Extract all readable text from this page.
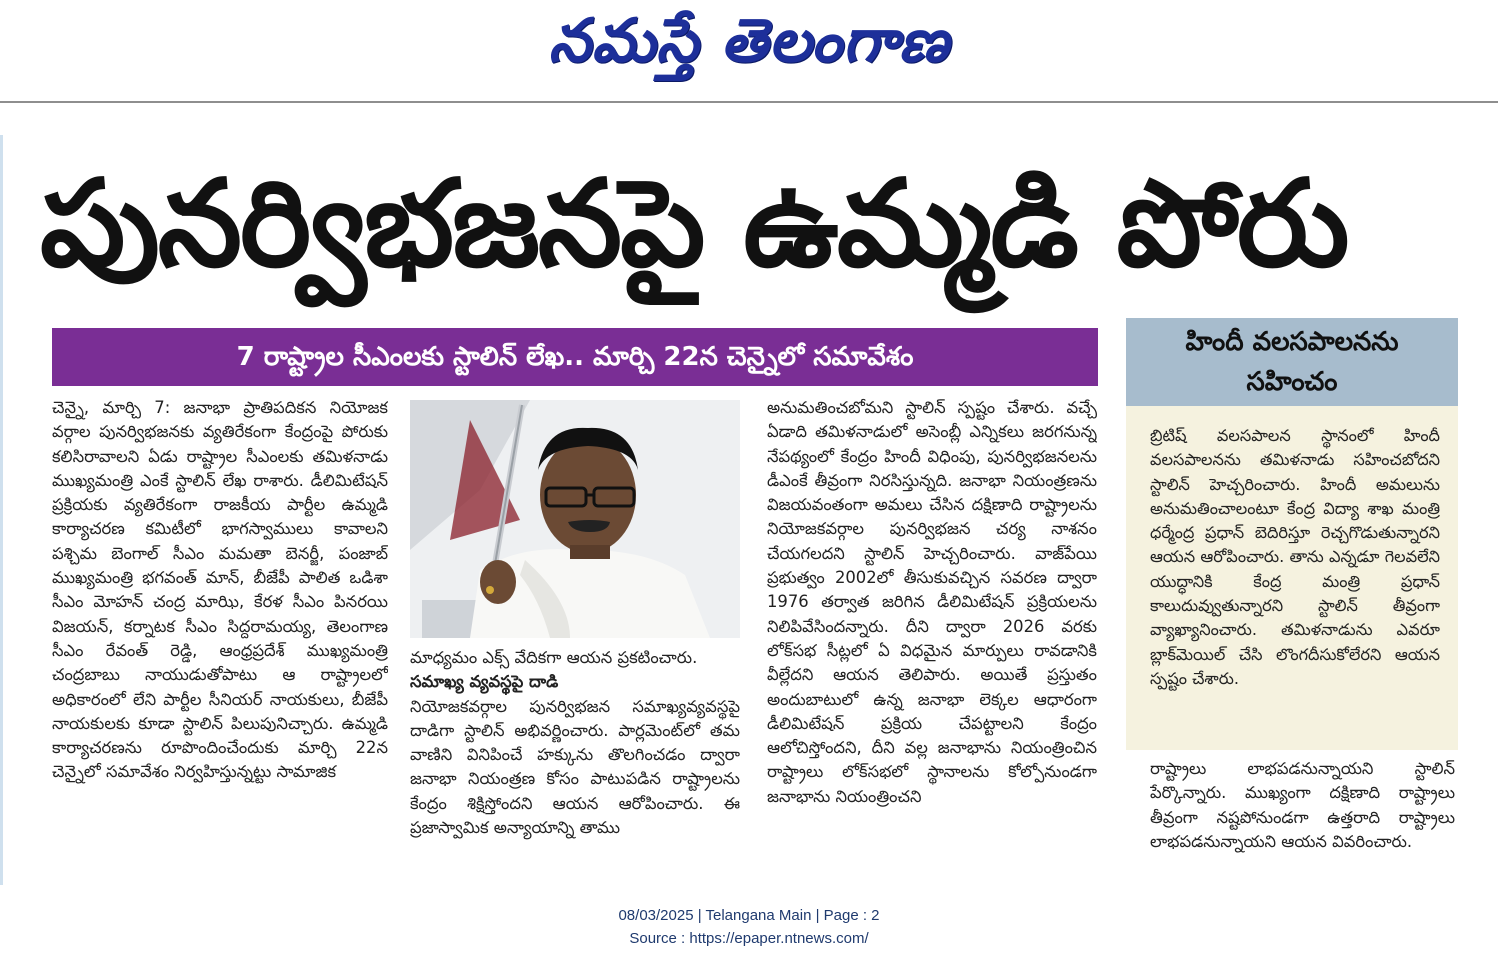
నమస్తే తెలంగాణ
పునర్విభజనపై ఉమ్మడి పోరు
7 రాష్ట్రాల సీఎంలకు స్టాలిన్ లేఖ.. మార్చి 22న చెన్నైలో సమావేశం

చెన్నై, మార్చి 7: జనాభా ప్రాతిపదికన నియోజక వర్గాల పునర్విభజనకు వ్యతిరేకంగా కేంద్రంపై పోరుకు కలిసిరావాలని ఏడు రాష్ట్రాల సీఎంలకు తమిళనాడు ముఖ్యమంత్రి ఎంకే స్టాలిన్ లేఖ రాశారు. డీలిమిటేషన్ ప్రక్రియకు వ్యతిరేకంగా రాజకీయ పార్టీల ఉమ్మడి కార్యాచరణ కమిటీలో భాగస్వాములు కావాలని పశ్చిమ బెంగాల్ సీఎం మమతా బెనర్జీ, పంజాబ్ ముఖ్యమంత్రి భగవంత్ మాన్, బీజేపీ పాలిత ఒడిశా సీఎం మోహన్ చంద్ర మాఝి, కేరళ సీఎం పినరయి విజయన్, కర్నాటక సీఎం సిద్దరామయ్య, తెలంగాణ సీఎం రేవంత్ రెడ్డి, ఆంధ్రప్రదేశ్ ముఖ్యమంత్రి చంద్రబాబు నాయుడుతోపాటు ఆ రాష్ట్రాలలో అధికారంలో లేని పార్టీల సీనియర్ నాయకులు, బీజేపీ నాయకులకు కూడా స్టాలిన్ పిలుపునిచ్చారు. ఉమ్మడి కార్యాచరణను రూపొందించేందుకు మార్చి 22న చెన్నైలో సమావేశం నిర్వహిస్తున్నట్టు సామాజిక

మాధ్యమం ఎక్స్ వేదికగా ఆయన ప్రకటించారు.

సమాఖ్య వ్యవస్థపై దాడి

నియోజకవర్గాల పునర్విభజన సమాఖ్యవ్యవస్థపై దాడిగా స్టాలిన్ అభివర్ణించారు. పార్లమెంట్‌లో తమ వాణిని వినిపించే హక్కును తొలగించడం ద్వారా జనాభా నియంత్రణ కోసం పాటుపడిన రాష్ట్రాలను కేంద్రం శిక్షిస్తోందని ఆయన ఆరోపించారు. ఈ ప్రజాస్వామిక అన్యాయాన్ని తాము

అనుమతించబోమని స్టాలిన్ స్పష్టం చేశారు. వచ్చే ఏడాది తమిళనాడులో అసెంబ్లీ ఎన్నికలు జరగనున్న నేపథ్యంలో కేంద్రం హిందీ విధింపు, పునర్విభజనలను డీఎంకే తీవ్రంగా నిరసిస్తున్నది. జనాభా నియంత్రణను విజయవంతంగా అమలు చేసిన దక్షిణాది రాష్ట్రాలను నియోజకవర్గాల పునర్విభజన చర్య నాశనం చేయగలదని స్టాలిన్ హెచ్చరించారు. వాజ్‌పేయి ప్రభుత్వం 2002లో తీసుకువచ్చిన సవరణ ద్వారా 1976 తర్వాత జరిగిన డీలిమిటేషన్ ప్రక్రియలను నిలిపివేసిందన్నారు. దీని ద్వారా 2026 వరకు లోక్‌సభ సీట్లలో ఏ విధమైన మార్పులు రావడానికి వీల్లేదని ఆయన తెలిపారు. అయితే ప్రస్తుతం అందుబాటులో ఉన్న జనాభా లెక్కల ఆధారంగా డీలిమిటేషన్ ప్రక్రియ చేపట్టాలని కేంద్రం ఆలోచిస్తోందని, దీని వల్ల జనాభాను నియంత్రించిన రాష్ట్రాలు లోక్‌సభలో స్థానాలను కోల్పోనుండగా జనాభాను నియంత్రించని

హిందీ వలసపాలనను
సహించం
బ్రిటిష్ వలసపాలన స్థానంలో హిందీ వలసపాలనను తమిళనాడు సహించబోదని స్టాలిన్ హెచ్చరించారు. హిందీ అమలును అనుమతించాలంటూ కేంద్ర విద్యా శాఖ మంత్రి ధర్మేంద్ర ప్రధాన్ బెదిరిస్తూ రెచ్చగొడుతున్నారని ఆయన ఆరోపించారు. తాను ఎన్నడూ గెలవలేని యుద్ధానికి కేంద్ర మంత్రి ప్రధాన్ కాలుదువ్వుతున్నారని స్టాలిన్ తీవ్రంగా వ్యాఖ్యానించారు. తమిళనాడును ఎవరూ బ్లాక్‌మెయిల్ చేసి లొంగదీసుకోలేరని ఆయన స్పష్టం చేశారు.

రాష్ట్రాలు లాభపడనున్నాయని స్టాలిన్ పేర్కొన్నారు. ముఖ్యంగా దక్షిణాది రాష్ట్రాలు తీవ్రంగా నష్టపోనుండగా ఉత్తరాది రాష్ట్రాలు లాభపడనున్నాయని ఆయన వివరించారు.

08/03/2025 | Telangana Main | Page : 2
Source : https://epaper.ntnews.com/
